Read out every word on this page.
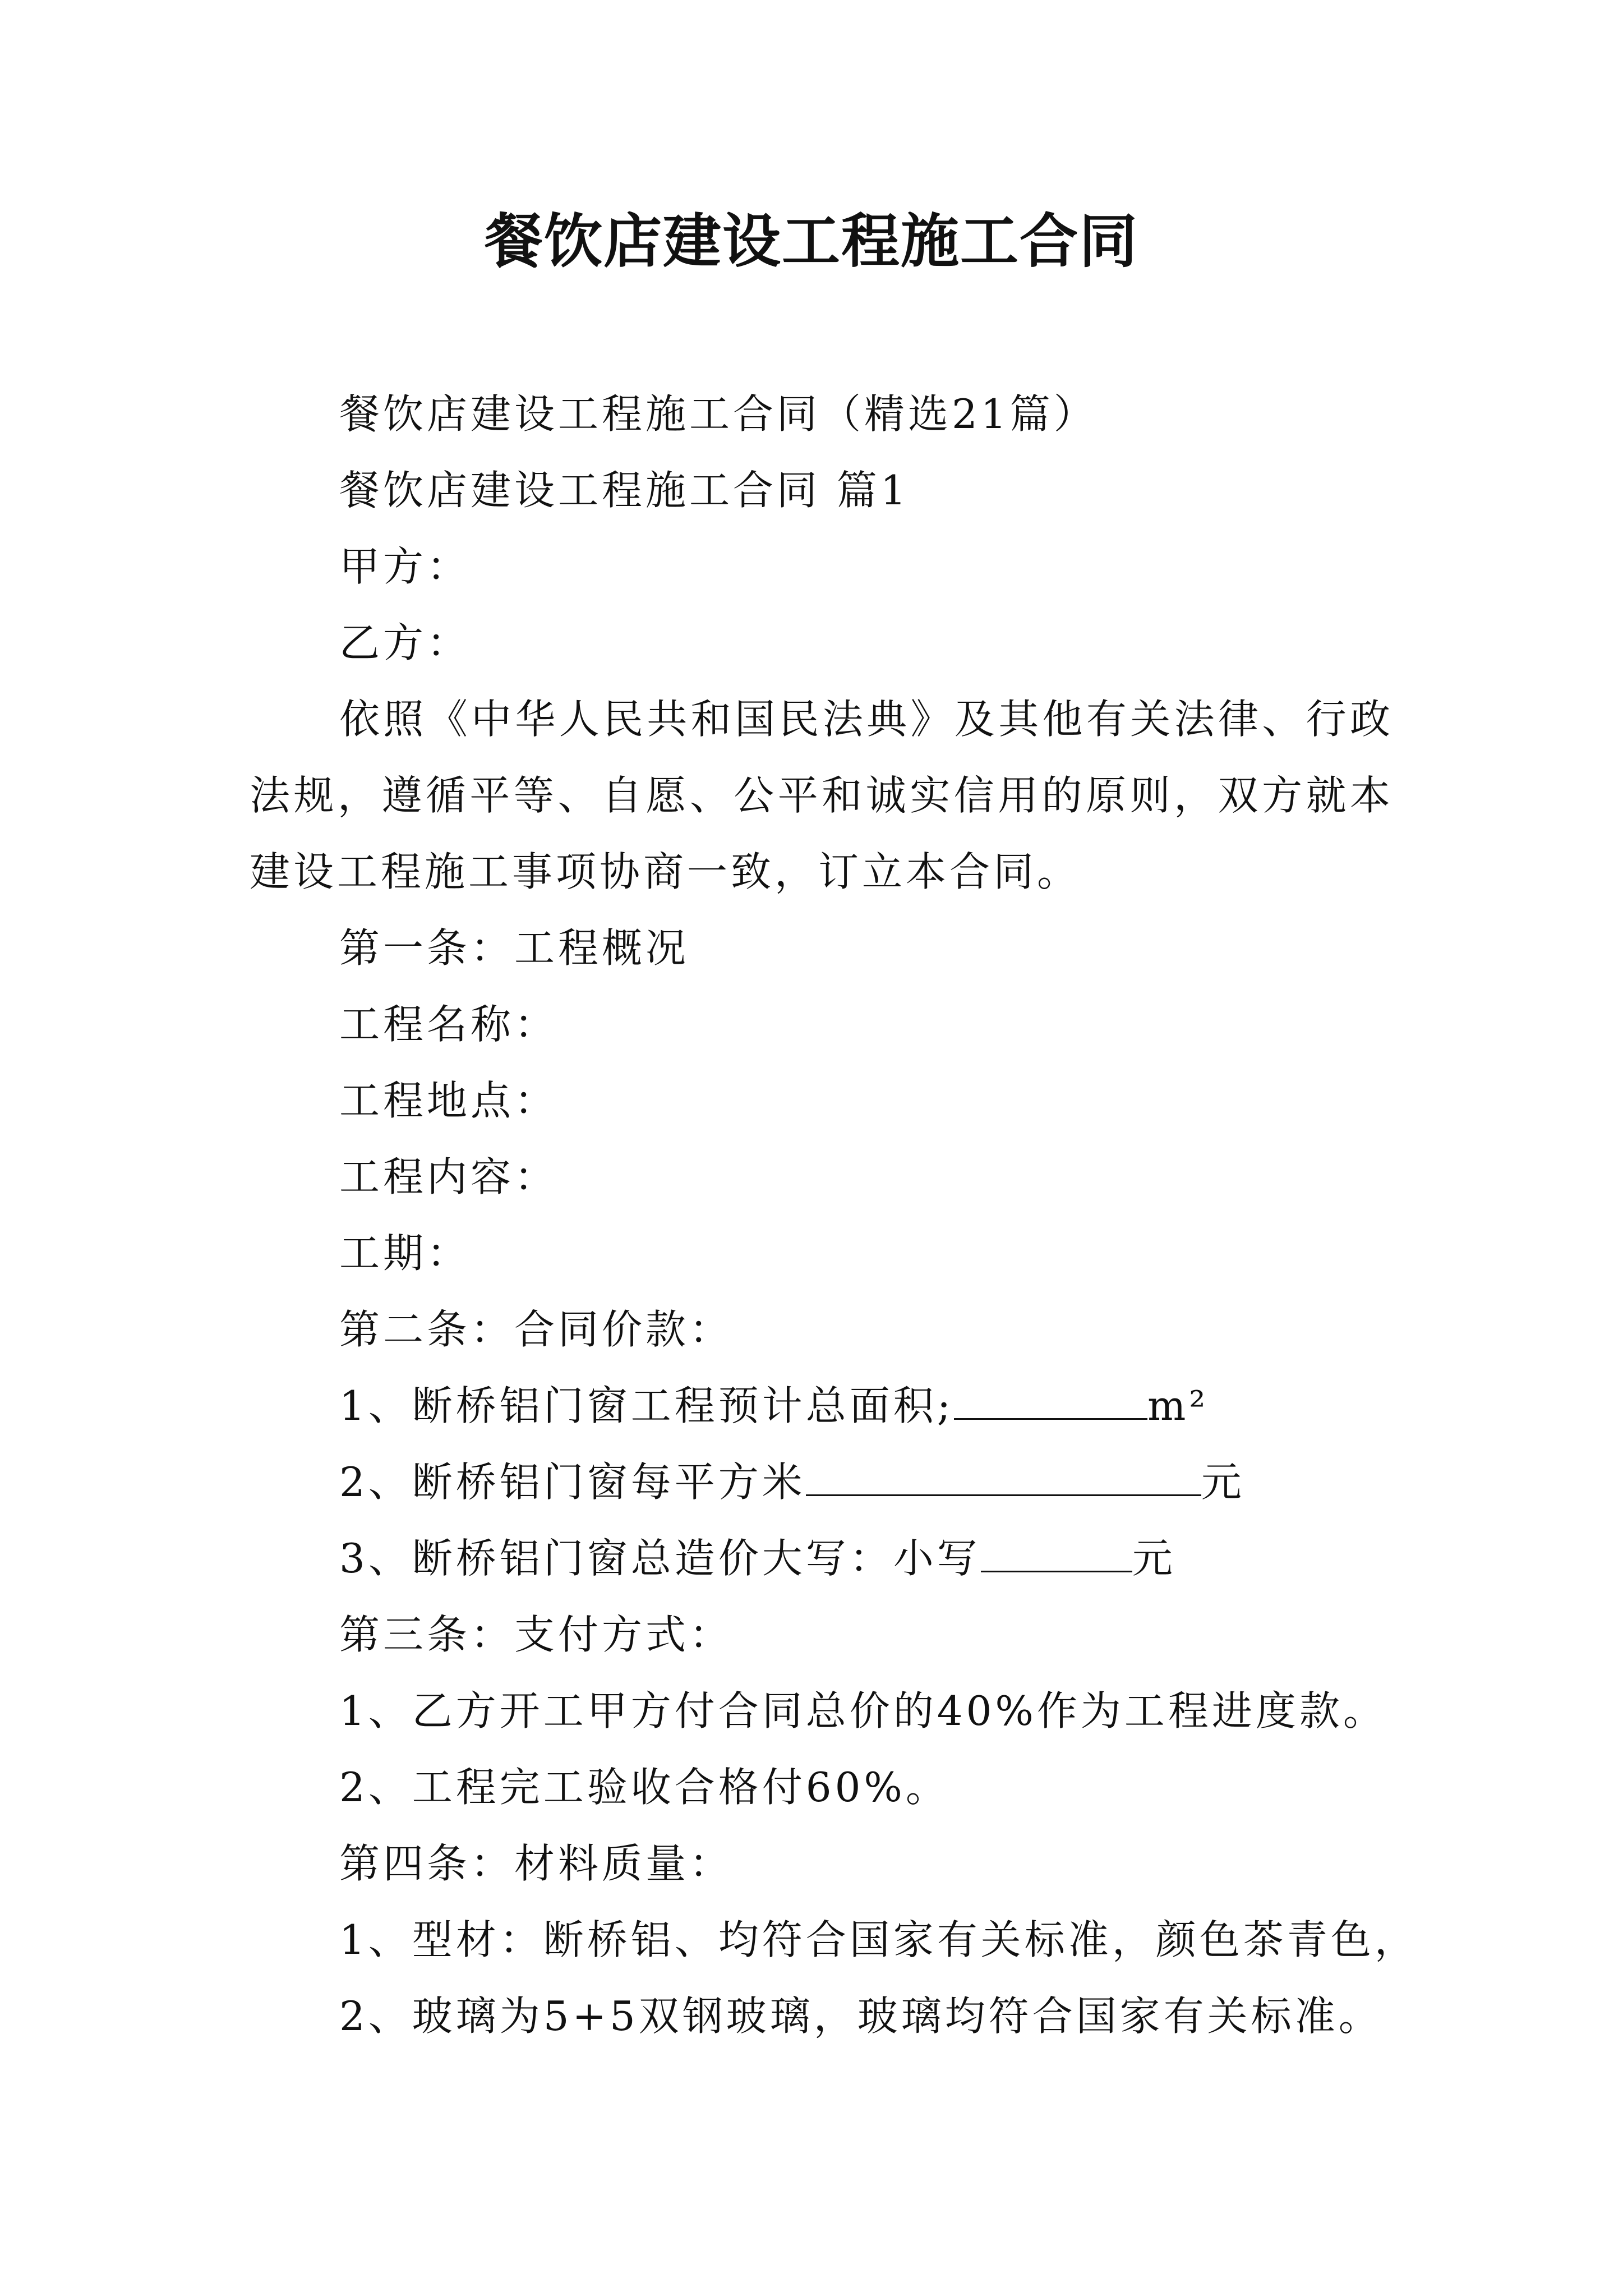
餐饮店建设工程施工合同

餐饮店建设工程施工合同（精选21篇）

餐饮店建设工程施工合同 篇1

甲方：

乙方：

依照《中华人民共和国民法典》及其他有关法律、行政法规，遵循平等、自愿、公平和诚实信用的原则，双方就本建设工程施工事项协商一致，订立本合同。

第一条：工程概况

工程名称：

工程地点：

工程内容：

工期：

第二条：合同价款：

1、断桥铝门窗工程预计总面积;	m²

2、断桥铝门窗每平方米	元

3、断桥铝门窗总造价大写：小写	元

第三条：支付方式：

1、乙方开工甲方付合同总价的40%作为工程进度款。

2、工程完工验收合格付60%。

第四条：材料质量：

1、型材：断桥铝、均符合国家有关标准，颜色茶青色，

2、玻璃为5+5双钢玻璃，玻璃均符合国家有关标准。
